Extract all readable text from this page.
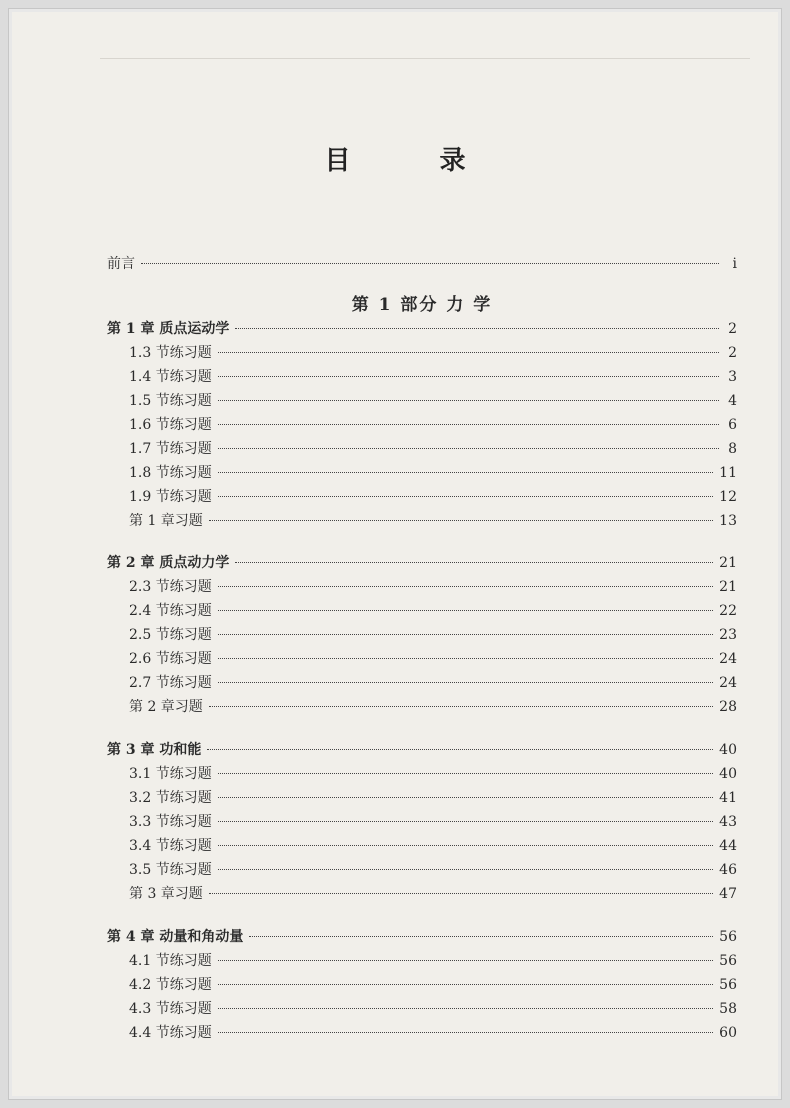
目 录
前言	i
第 1 部分 力 学
第 1 章 质点运动学	2
1.3 节练习题	2
1.4 节练习题	3
1.5 节练习题	4
1.6 节练习题	6
1.7 节练习题	8
1.8 节练习题	11
1.9 节练习题	12
第 1 章习题	13
第 2 章 质点动力学	21
2.3 节练习题	21
2.4 节练习题	22
2.5 节练习题	23
2.6 节练习题	24
2.7 节练习题	24
第 2 章习题	28
第 3 章 功和能	40
3.1 节练习题	40
3.2 节练习题	41
3.3 节练习题	43
3.4 节练习题	44
3.5 节练习题	46
第 3 章习题	47
第 4 章 动量和角动量	56
4.1 节练习题	56
4.2 节练习题	56
4.3 节练习题	58
4.4 节练习题	60
